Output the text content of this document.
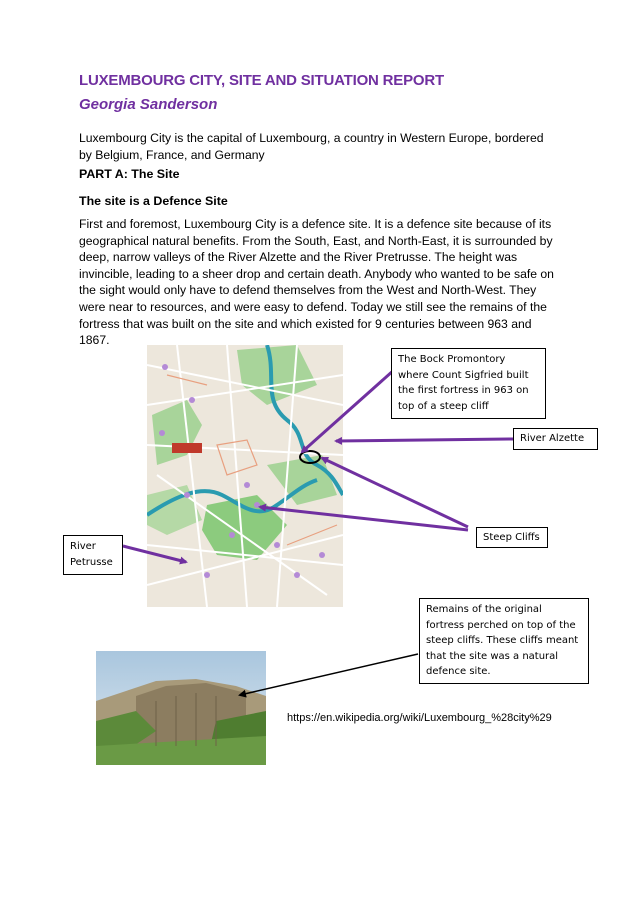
LUXEMBOURG CITY, SITE AND SITUATION REPORT
Georgia Sanderson
Luxembourg City is the capital of Luxembourg, a country in Western Europe, bordered by Belgium, France, and Germany
PART A: The Site
The site is a Defence Site
First and foremost, Luxembourg City is a defence site. It is a defence site because of its geographical natural benefits. From the South, East, and North-East, it is surrounded by deep, narrow valleys of the River Alzette and the River Pretrusse. The height was invincible, leading to a sheer drop and certain death. Anybody who wanted to be safe on the sight would only have to defend themselves from the West and North-West. They were near to resources, and were easy to defend. Today we still see the remains of the fortress that was built on the site and which existed for 9 centuries between 963 and 1867.
The Bock Promontory where Count Sigfried built the first fortress in 963 on top of a steep cliff
River Alzette
Steep Cliffs
River Petrusse
Remains of the original fortress perched on top of the steep cliffs. These cliffs meant that the site was a natural defence site.
https://en.wikipedia.org/wiki/Luxembourg_%28city%29
